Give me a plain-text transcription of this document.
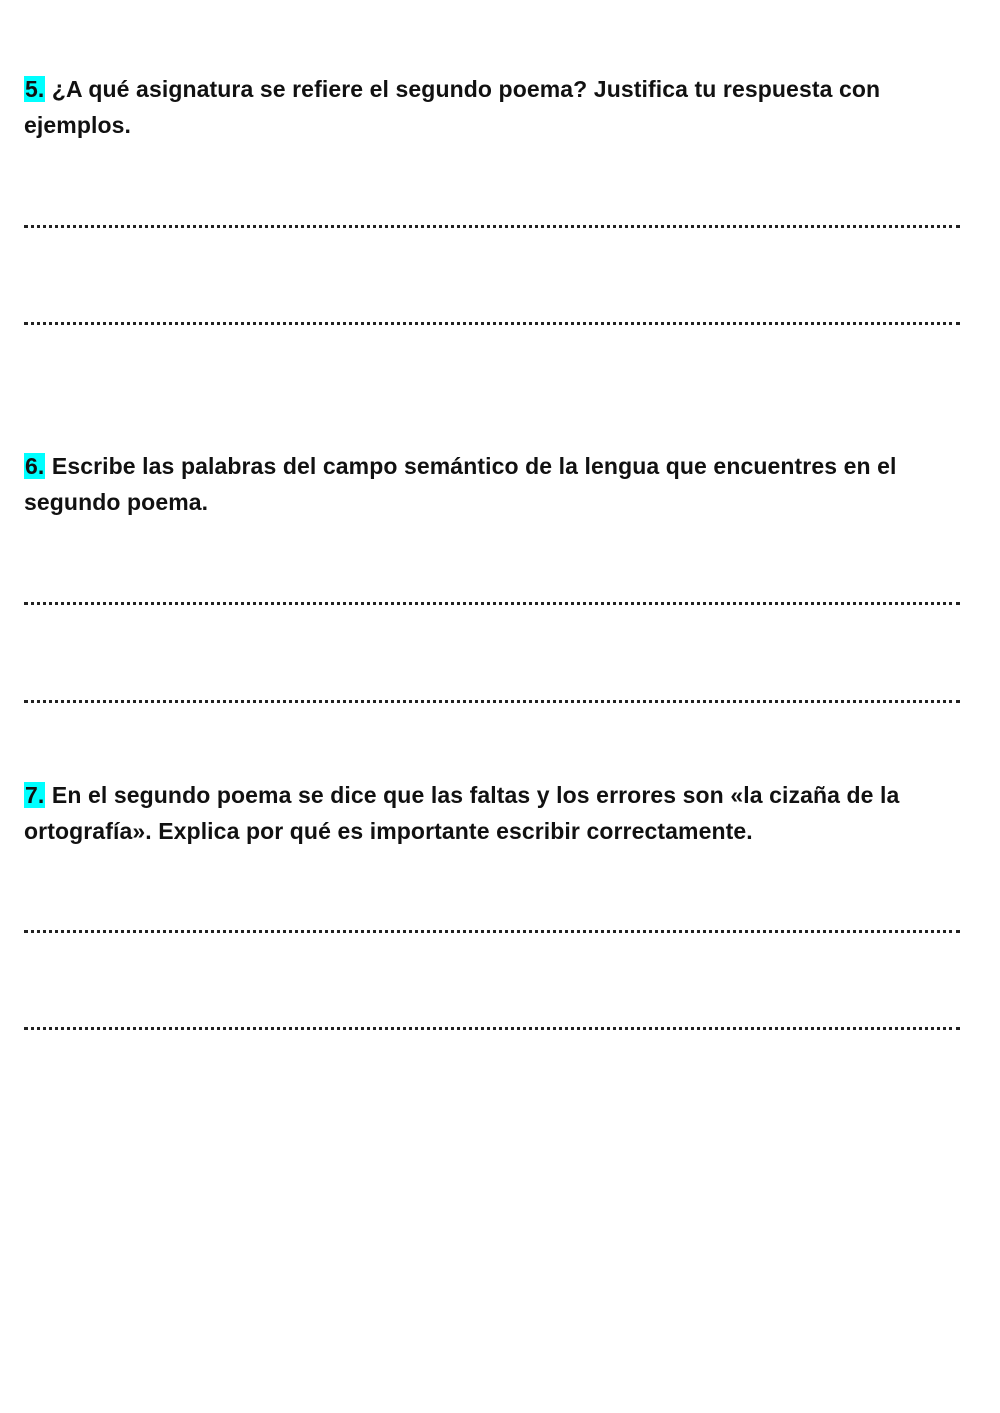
5. ¿A qué asignatura se refiere el segundo poema? Justifica tu respuesta con ejemplos.
6. Escribe las palabras del campo semántico de la lengua que encuentres en el segundo poema.
7. En el segundo poema se dice que las faltas y los errores son «la cizaña de la ortografía». Explica por qué es importante escribir correctamente.
